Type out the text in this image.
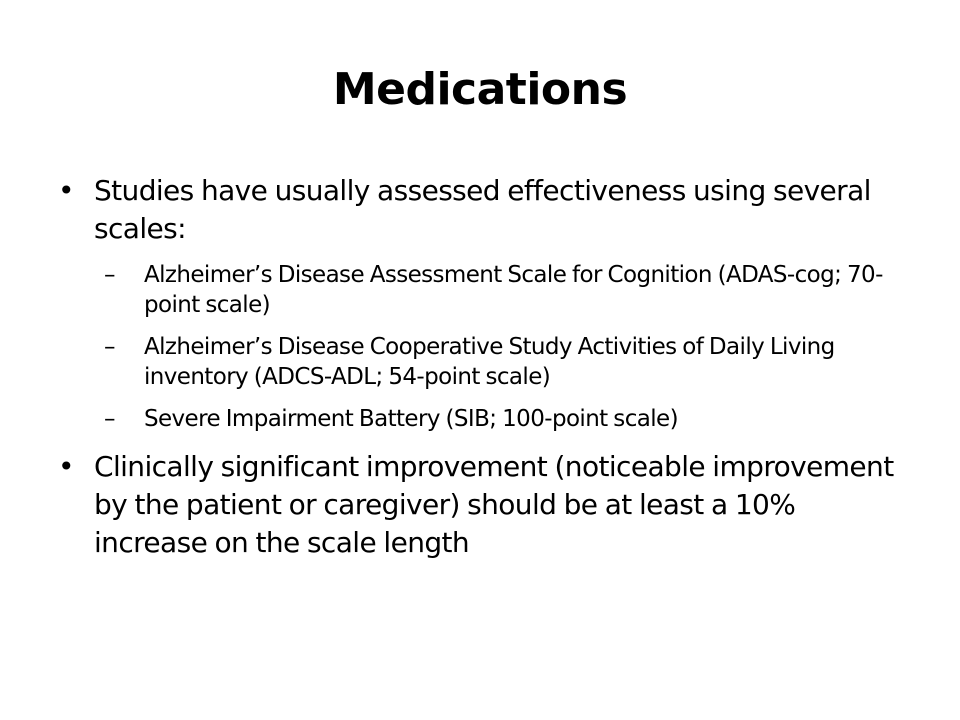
Medications
• Studies have usually assessed effectiveness using several scales:
– Alzheimer’s Disease Assessment Scale for Cognition (ADAS-cog; 70-point scale)
– Alzheimer’s Disease Cooperative Study Activities of Daily Living inventory (ADCS-ADL; 54-point scale)
– Severe Impairment Battery (SIB; 100-point scale)
• Clinically significant improvement (noticeable improvement by the patient or caregiver) should be at least a 10% increase on the scale length
